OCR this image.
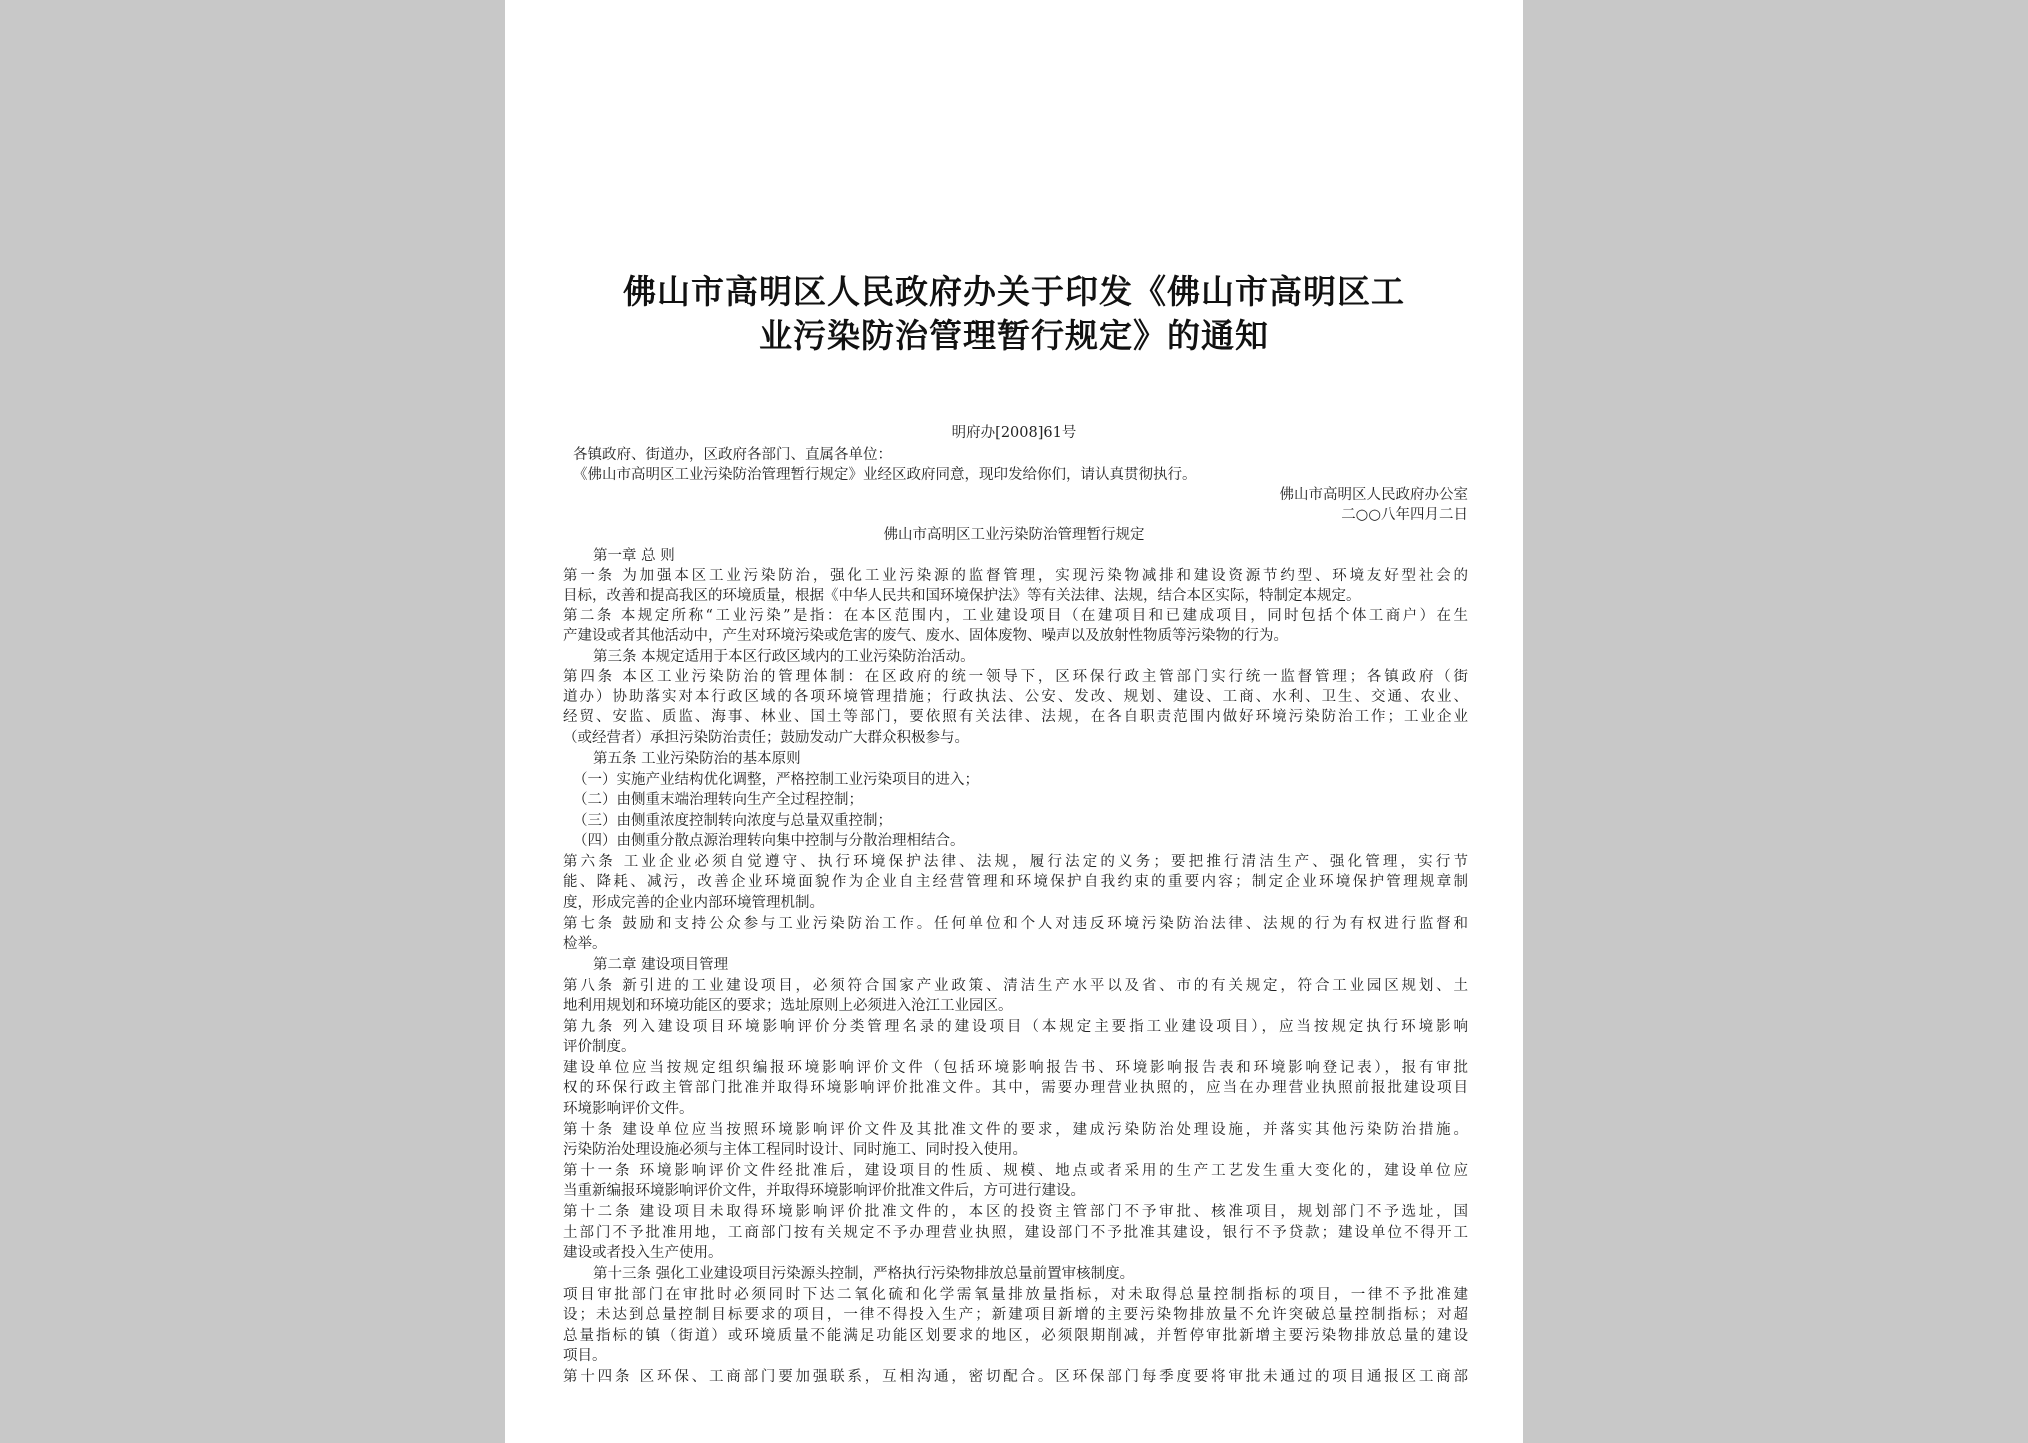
佛山市高明区人民政府办关于印发《佛山市高明区工
业污染防治管理暂行规定》的通知
明府办[2008]61号
各镇政府、街道办，区政府各部门、直属各单位：
《佛山市高明区工业污染防治管理暂行规定》业经区政府同意，现印发给你们，请认真贯彻执行。
佛山市高明区人民政府办公室
二○○八年四月二日
佛山市高明区工业污染防治管理暂行规定
第一章 总 则
第一条 为加强本区工业污染防治，强化工业污染源的监督管理，实现污染物减排和建设资源节约型、环境友好型社会的
目标，改善和提高我区的环境质量，根据《中华人民共和国环境保护法》等有关法律、法规，结合本区实际，特制定本规定。
第二条 本规定所称“工业污染”是指：在本区范围内，工业建设项目（在建项目和已建成项目，同时包括个体工商户）在生
产建设或者其他活动中，产生对环境污染或危害的废气、废水、固体废物、噪声以及放射性物质等污染物的行为。
第三条 本规定适用于本区行政区域内的工业污染防治活动。
第四条 本区工业污染防治的管理体制：在区政府的统一领导下，区环保行政主管部门实行统一监督管理；各镇政府（街
道办）协助落实对本行政区域的各项环境管理措施；行政执法、公安、发改、规划、建设、工商、水利、卫生、交通、农业、
经贸、安监、质监、海事、林业、国土等部门，要依照有关法律、法规，在各自职责范围内做好环境污染防治工作；工业企业
（或经营者）承担污染防治责任；鼓励发动广大群众积极参与。
第五条 工业污染防治的基本原则
（一）实施产业结构优化调整，严格控制工业污染项目的进入；
（二）由侧重末端治理转向生产全过程控制；
（三）由侧重浓度控制转向浓度与总量双重控制；
（四）由侧重分散点源治理转向集中控制与分散治理相结合。
第六条 工业企业必须自觉遵守、执行环境保护法律、法规，履行法定的义务；要把推行清洁生产、强化管理，实行节
能、降耗、减污，改善企业环境面貌作为企业自主经营管理和环境保护自我约束的重要内容；制定企业环境保护管理规章制
度，形成完善的企业内部环境管理机制。
第七条 鼓励和支持公众参与工业污染防治工作。任何单位和个人对违反环境污染防治法律、法规的行为有权进行监督和
检举。
第二章 建设项目管理
第八条 新引进的工业建设项目，必须符合国家产业政策、清洁生产水平以及省、市的有关规定，符合工业园区规划、土
地利用规划和环境功能区的要求；选址原则上必须进入沧江工业园区。
第九条 列入建设项目环境影响评价分类管理名录的建设项目（本规定主要指工业建设项目），应当按规定执行环境影响
评价制度。
建设单位应当按规定组织编报环境影响评价文件（包括环境影响报告书、环境影响报告表和环境影响登记表），报有审批
权的环保行政主管部门批准并取得环境影响评价批准文件。其中，需要办理营业执照的，应当在办理营业执照前报批建设项目
环境影响评价文件。
第十条 建设单位应当按照环境影响评价文件及其批准文件的要求，建成污染防治处理设施，并落实其他污染防治措施。
污染防治处理设施必须与主体工程同时设计、同时施工、同时投入使用。
第十一条 环境影响评价文件经批准后，建设项目的性质、规模、地点或者采用的生产工艺发生重大变化的，建设单位应
当重新编报环境影响评价文件，并取得环境影响评价批准文件后，方可进行建设。
第十二条 建设项目未取得环境影响评价批准文件的，本区的投资主管部门不予审批、核准项目，规划部门不予选址，国
土部门不予批准用地，工商部门按有关规定不予办理营业执照，建设部门不予批准其建设，银行不予贷款；建设单位不得开工
建设或者投入生产使用。
第十三条 强化工业建设项目污染源头控制，严格执行污染物排放总量前置审核制度。
项目审批部门在审批时必须同时下达二氧化硫和化学需氧量排放量指标，对未取得总量控制指标的项目，一律不予批准建
设；未达到总量控制目标要求的项目，一律不得投入生产；新建项目新增的主要污染物排放量不允许突破总量控制指标；对超
总量指标的镇（街道）或环境质量不能满足功能区划要求的地区，必须限期削减，并暂停审批新增主要污染物排放总量的建设
项目。
第十四条 区环保、工商部门要加强联系，互相沟通，密切配合。区环保部门每季度要将审批未通过的项目通报区工商部
